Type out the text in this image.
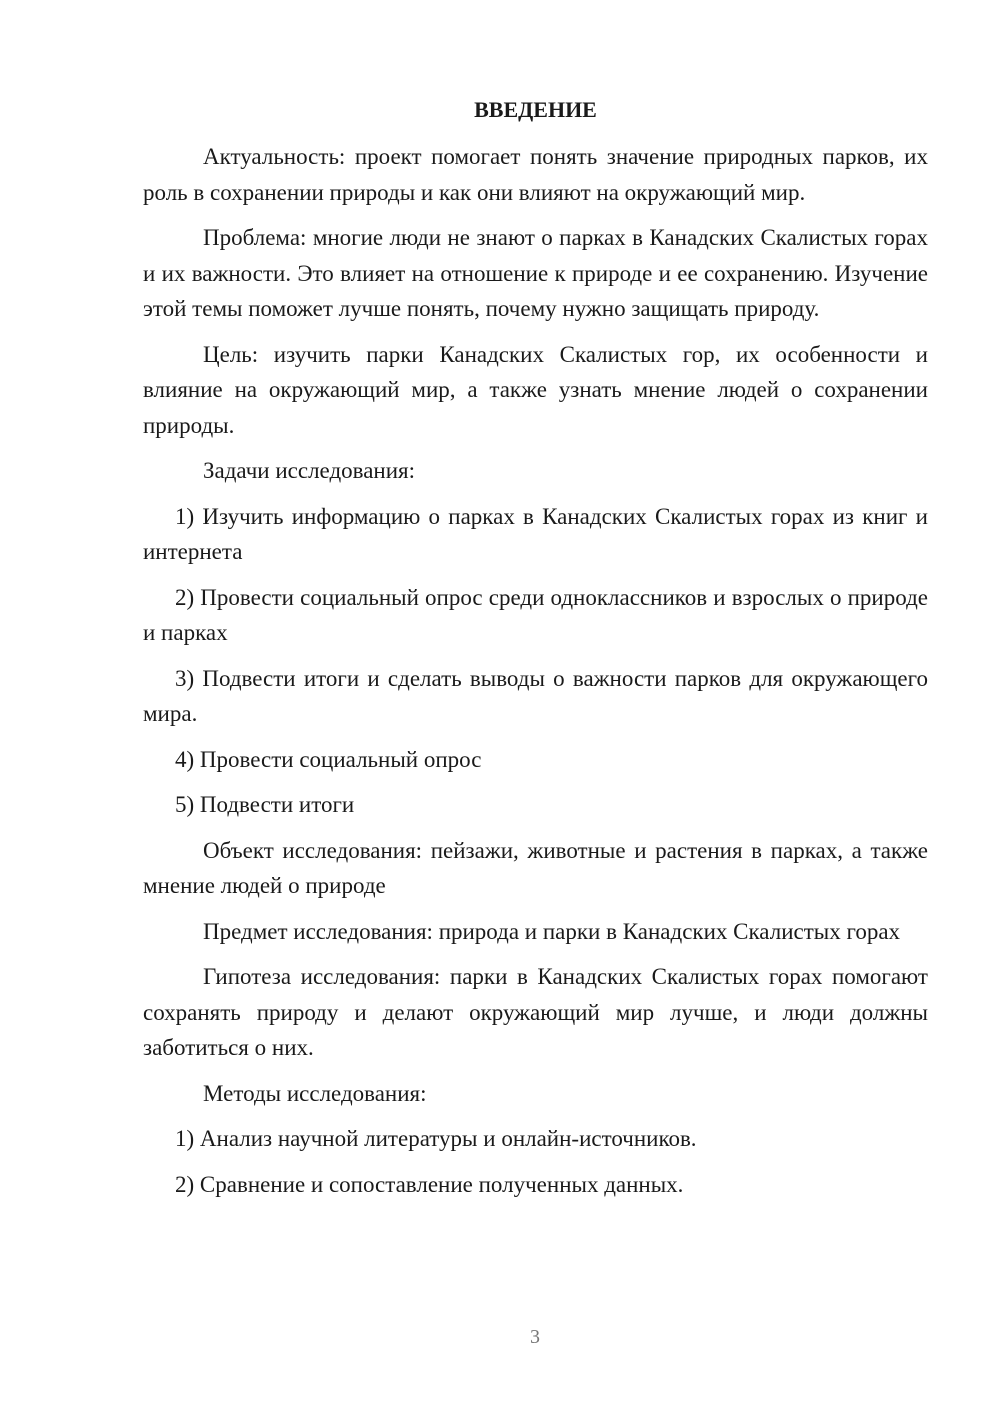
ВВЕДЕНИЕ

Актуальность: проект помогает понять значение природных парков, их роль в сохранении природы и как они влияют на окружающий мир.

Проблема: многие люди не знают о парках в Канадских Скалистых горах и их важности. Это влияет на отношение к природе и ее сохранению. Изучение этой темы поможет лучше понять, почему нужно защищать природу.

Цель: изучить парки Канадских Скалистых гор, их особенности и влияние на окружающий мир, а также узнать мнение людей о сохранении природы.

Задачи исследования:

1) Изучить информацию о парках в Канадских Скалистых горах из книг и интернета

2) Провести социальный опрос среди одноклассников и взрослых о природе и парках

3) Подвести итоги и сделать выводы о важности парков для окружающего мира.

4) Провести социальный опрос

5) Подвести итоги

Объект исследования: пейзажи, животные и растения в парках, а также мнение людей о природе

Предмет исследования: природа и парки в Канадских Скалистых горах

Гипотеза исследования: парки в Канадских Скалистых горах помогают сохранять природу и делают окружающий мир лучше, и люди должны заботиться о них.

Методы исследования:

1) Анализ научной литературы и онлайн-источников.

2) Сравнение и сопоставление полученных данных.

3
